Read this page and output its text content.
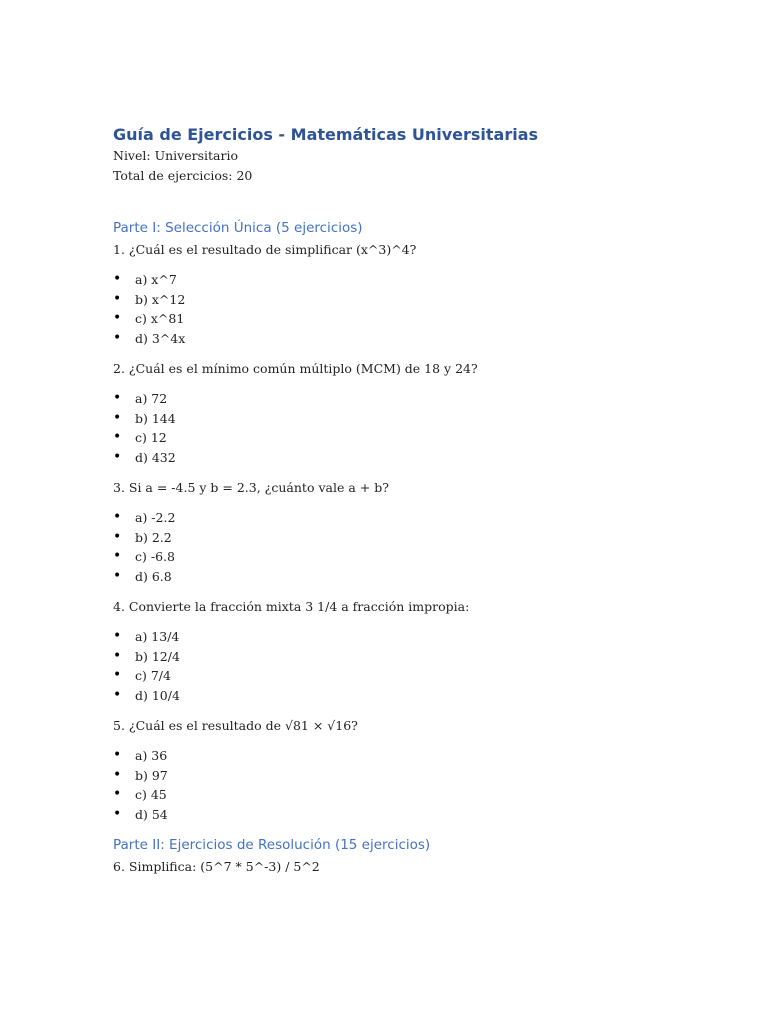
Guía de Ejercicios - Matemáticas Universitarias

Nivel: Universitario

Total de ejercicios: 20

Parte I: Selección Única (5 ejercicios)

1. ¿Cuál es el resultado de simplificar (x^3)^4?

• a) x^7
• b) x^12
• c) x^81
• d) 3^4x

2. ¿Cuál es el mínimo común múltiplo (MCM) de 18 y 24?

• a) 72
• b) 144
• c) 12
• d) 432

3. Si a = -4.5 y b = 2.3, ¿cuánto vale a + b?

• a) -2.2
• b) 2.2
• c) -6.8
• d) 6.8

4. Convierte la fracción mixta 3 1/4 a fracción impropia:

• a) 13/4
• b) 12/4
• c) 7/4
• d) 10/4

5. ¿Cuál es el resultado de √81 × √16?

• a) 36
• b) 97
• c) 45
• d) 54
Parte II: Ejercicios de Resolución (15 ejercicios)

6. Simplifica: (5^7 * 5^-3) / 5^2
